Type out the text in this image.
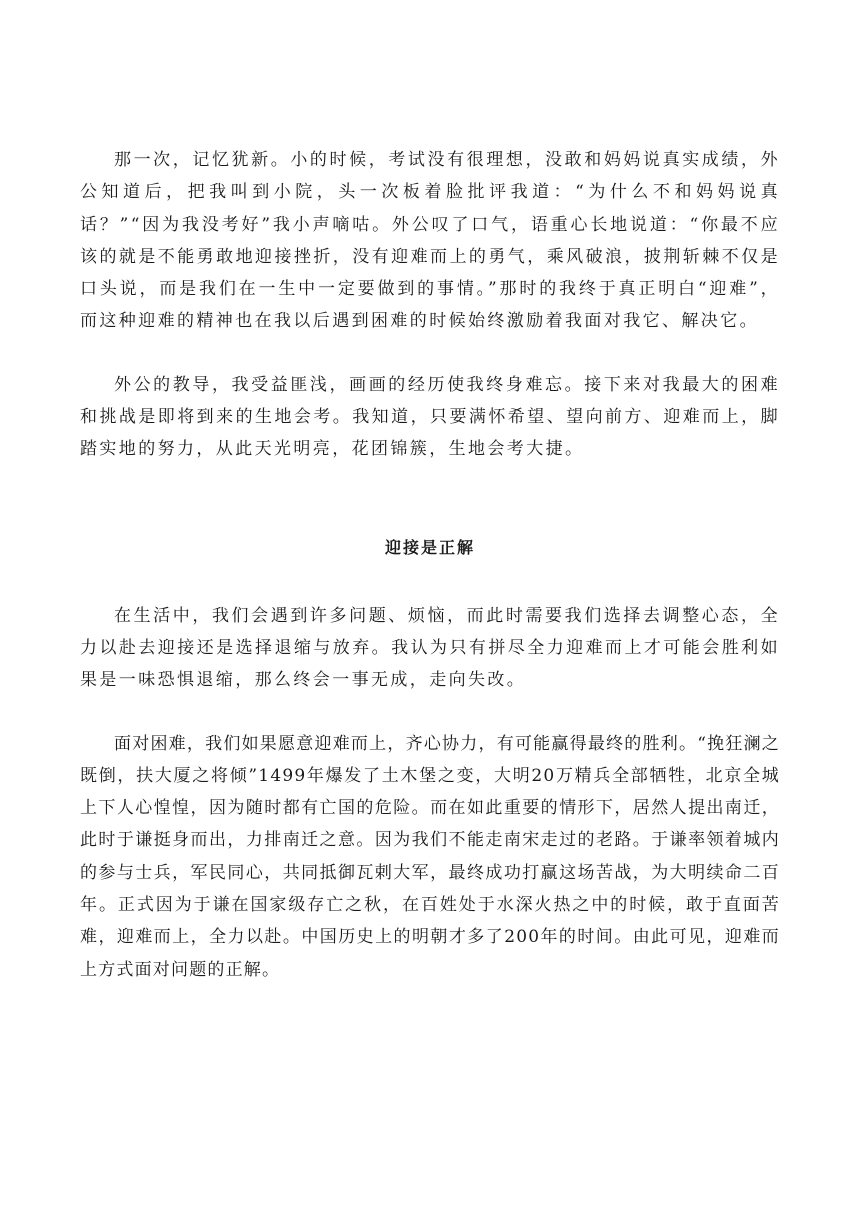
那一次，记忆犹新。小的时候，考试没有很理想，没敢和妈妈说真实成绩，外公知道后，把我叫到小院，头一次板着脸批评我道：“为什么不和妈妈说真话？”“因为我没考好”我小声嘀咕。外公叹了口气，语重心长地说道：“你最不应该的就是不能勇敢地迎接挫折，没有迎难而上的勇气，乘风破浪，披荆斩棘不仅是口头说，而是我们在一生中一定要做到的事情。”那时的我终于真正明白“迎难”，而这种迎难的精神也在我以后遇到困难的时候始终激励着我面对我它、解决它。

外公的教导，我受益匪浅，画画的经历使我终身难忘。接下来对我最大的困难和挑战是即将到来的生地会考。我知道，只要满怀希望、望向前方、迎难而上，脚踏实地的努力，从此天光明亮，花团锦簇，生地会考大捷。

迎接是正解

在生活中，我们会遇到许多问题、烦恼，而此时需要我们选择去调整心态，全力以赴去迎接还是选择退缩与放弃。我认为只有拼尽全力迎难而上才可能会胜利如果是一味恐惧退缩，那么终会一事无成，走向失改。

面对困难，我们如果愿意迎难而上，齐心协力，有可能赢得最终的胜利。“挽狂澜之既倒，扶大厦之将倾”1499年爆发了土木堡之变，大明20万精兵全部牺牲，北京全城上下人心惶惶，因为随时都有亡国的危险。而在如此重要的情形下，居然人提出南迁，此时于谦挺身而出，力排南迁之意。因为我们不能走南宋走过的老路。于谦率领着城内的参与士兵，军民同心，共同抵御瓦剌大军，最终成功打赢这场苦战，为大明续命二百年。正式因为于谦在国家级存亡之秋，在百姓处于水深火热之中的时候，敢于直面苦难，迎难而上，全力以赴。中国历史上的明朝才多了200年的时间。由此可见，迎难而上方式面对问题的正解。
